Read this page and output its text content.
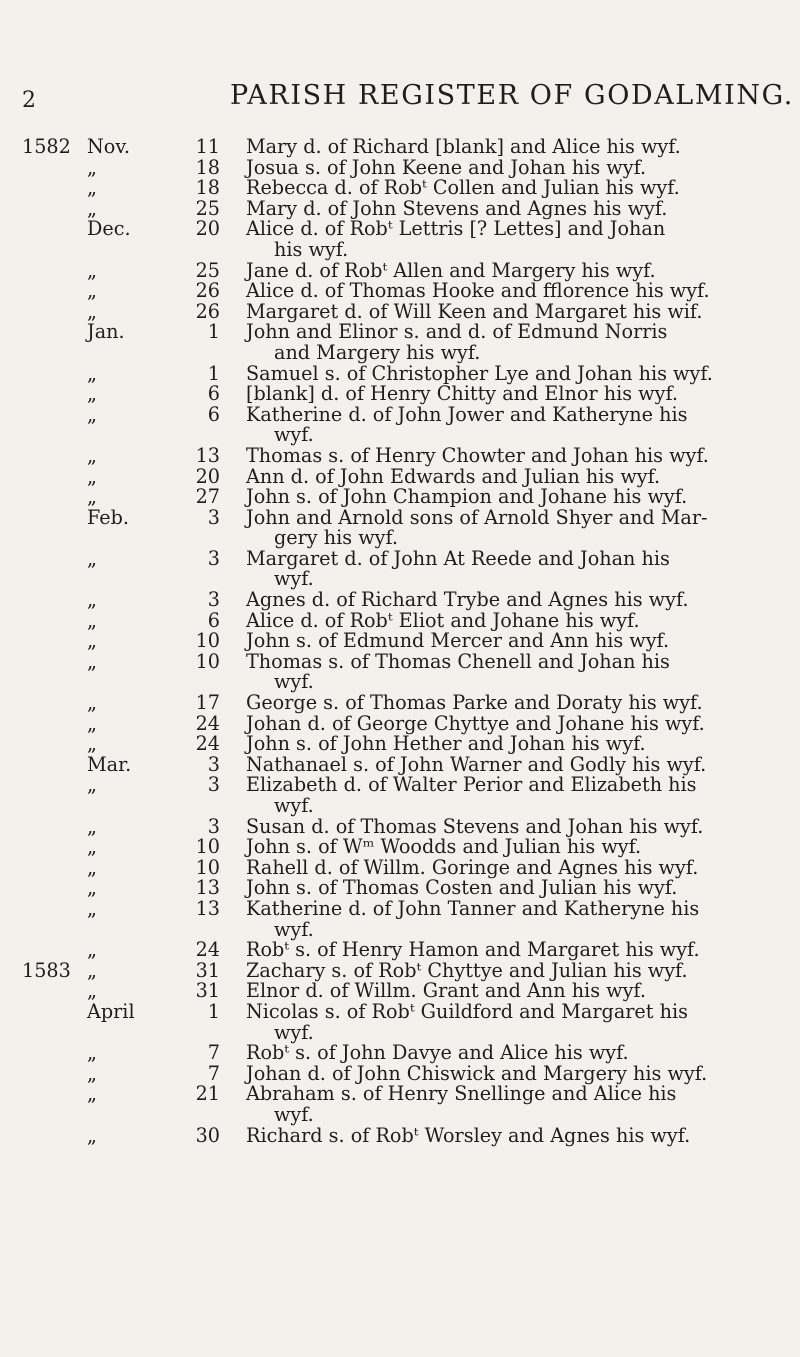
2	PARISH REGISTER OF GODALMING.
1582 Nov.	11 Mary d. of Richard [blank] and Alice his wyf.
„	18 Josua s. of John Keene and Johan his wyf.
„	18 Rebecca d. of Robᵗ Collen and Julian his wyf.
„	25 Mary d. of John Stevens and Agnes his wyf.
Dec.	20 Alice d. of Robᵗ Lettris [? Lettes] and Johan
his wyf.
„	25 Jane d. of Robᵗ Allen and Margery his wyf.
„	26 Alice d. of Thomas Hooke and fflorence his wyf.
„	26 Margaret d. of Will Keen and Margaret his wif.
Jan.	1 John and Elinor s. and d. of Edmund Norris
and Margery his wyf.
„	1 Samuel s. of Christopher Lye and Johan his wyf.
„	6 [blank] d. of Henry Chitty and Elnor his wyf.
„	6 Katherine d. of John Jower and Katheryne his
wyf.
„	13 Thomas s. of Henry Chowter and Johan his wyf.
„	20 Ann d. of John Edwards and Julian his wyf.
„	27 John s. of John Champion and Johane his wyf.
Feb.	3 John and Arnold sons of Arnold Shyer and Mar-
gery his wyf.
„	3 Margaret d. of John At Reede and Johan his
wyf.
„	3 Agnes d. of Richard Trybe and Agnes his wyf.
„	6 Alice d. of Robᵗ Eliot and Johane his wyf.
„	10 John s. of Edmund Mercer and Ann his wyf.
„	10 Thomas s. of Thomas Chenell and Johan his
wyf.
„	17 George s. of Thomas Parke and Doraty his wyf.
„	24 Johan d. of George Chyttye and Johane his wyf.
„	24 John s. of John Hether and Johan his wyf.
Mar.	3 Nathanael s. of John Warner and Godly his wyf.
„	3 Elizabeth d. of Walter Perior and Elizabeth his
wyf.
„	3 Susan d. of Thomas Stevens and Johan his wyf.
„	10 John s. of Wᵐ Woodds and Julian his wyf.
„	10 Rahell d. of Willm. Goringe and Agnes his wyf.
„	13 John s. of Thomas Costen and Julian his wyf.
„	13 Katherine d. of John Tanner and Katheryne his
wyf.
„	24 Robᵗ s. of Henry Hamon and Margaret his wyf.
1583 „	31 Zachary s. of Robᵗ Chyttye and Julian his wyf.
„	31 Elnor d. of Willm. Grant and Ann his wyf.
April	1 Nicolas s. of Robᵗ Guildford and Margaret his
wyf.
„	7 Robᵗ s. of John Davye and Alice his wyf.
„	7 Johan d. of John Chiswick and Margery his wyf.
„	21 Abraham s. of Henry Snellinge and Alice his
wyf.
„	30 Richard s. of Robᵗ Worsley and Agnes his wyf.
